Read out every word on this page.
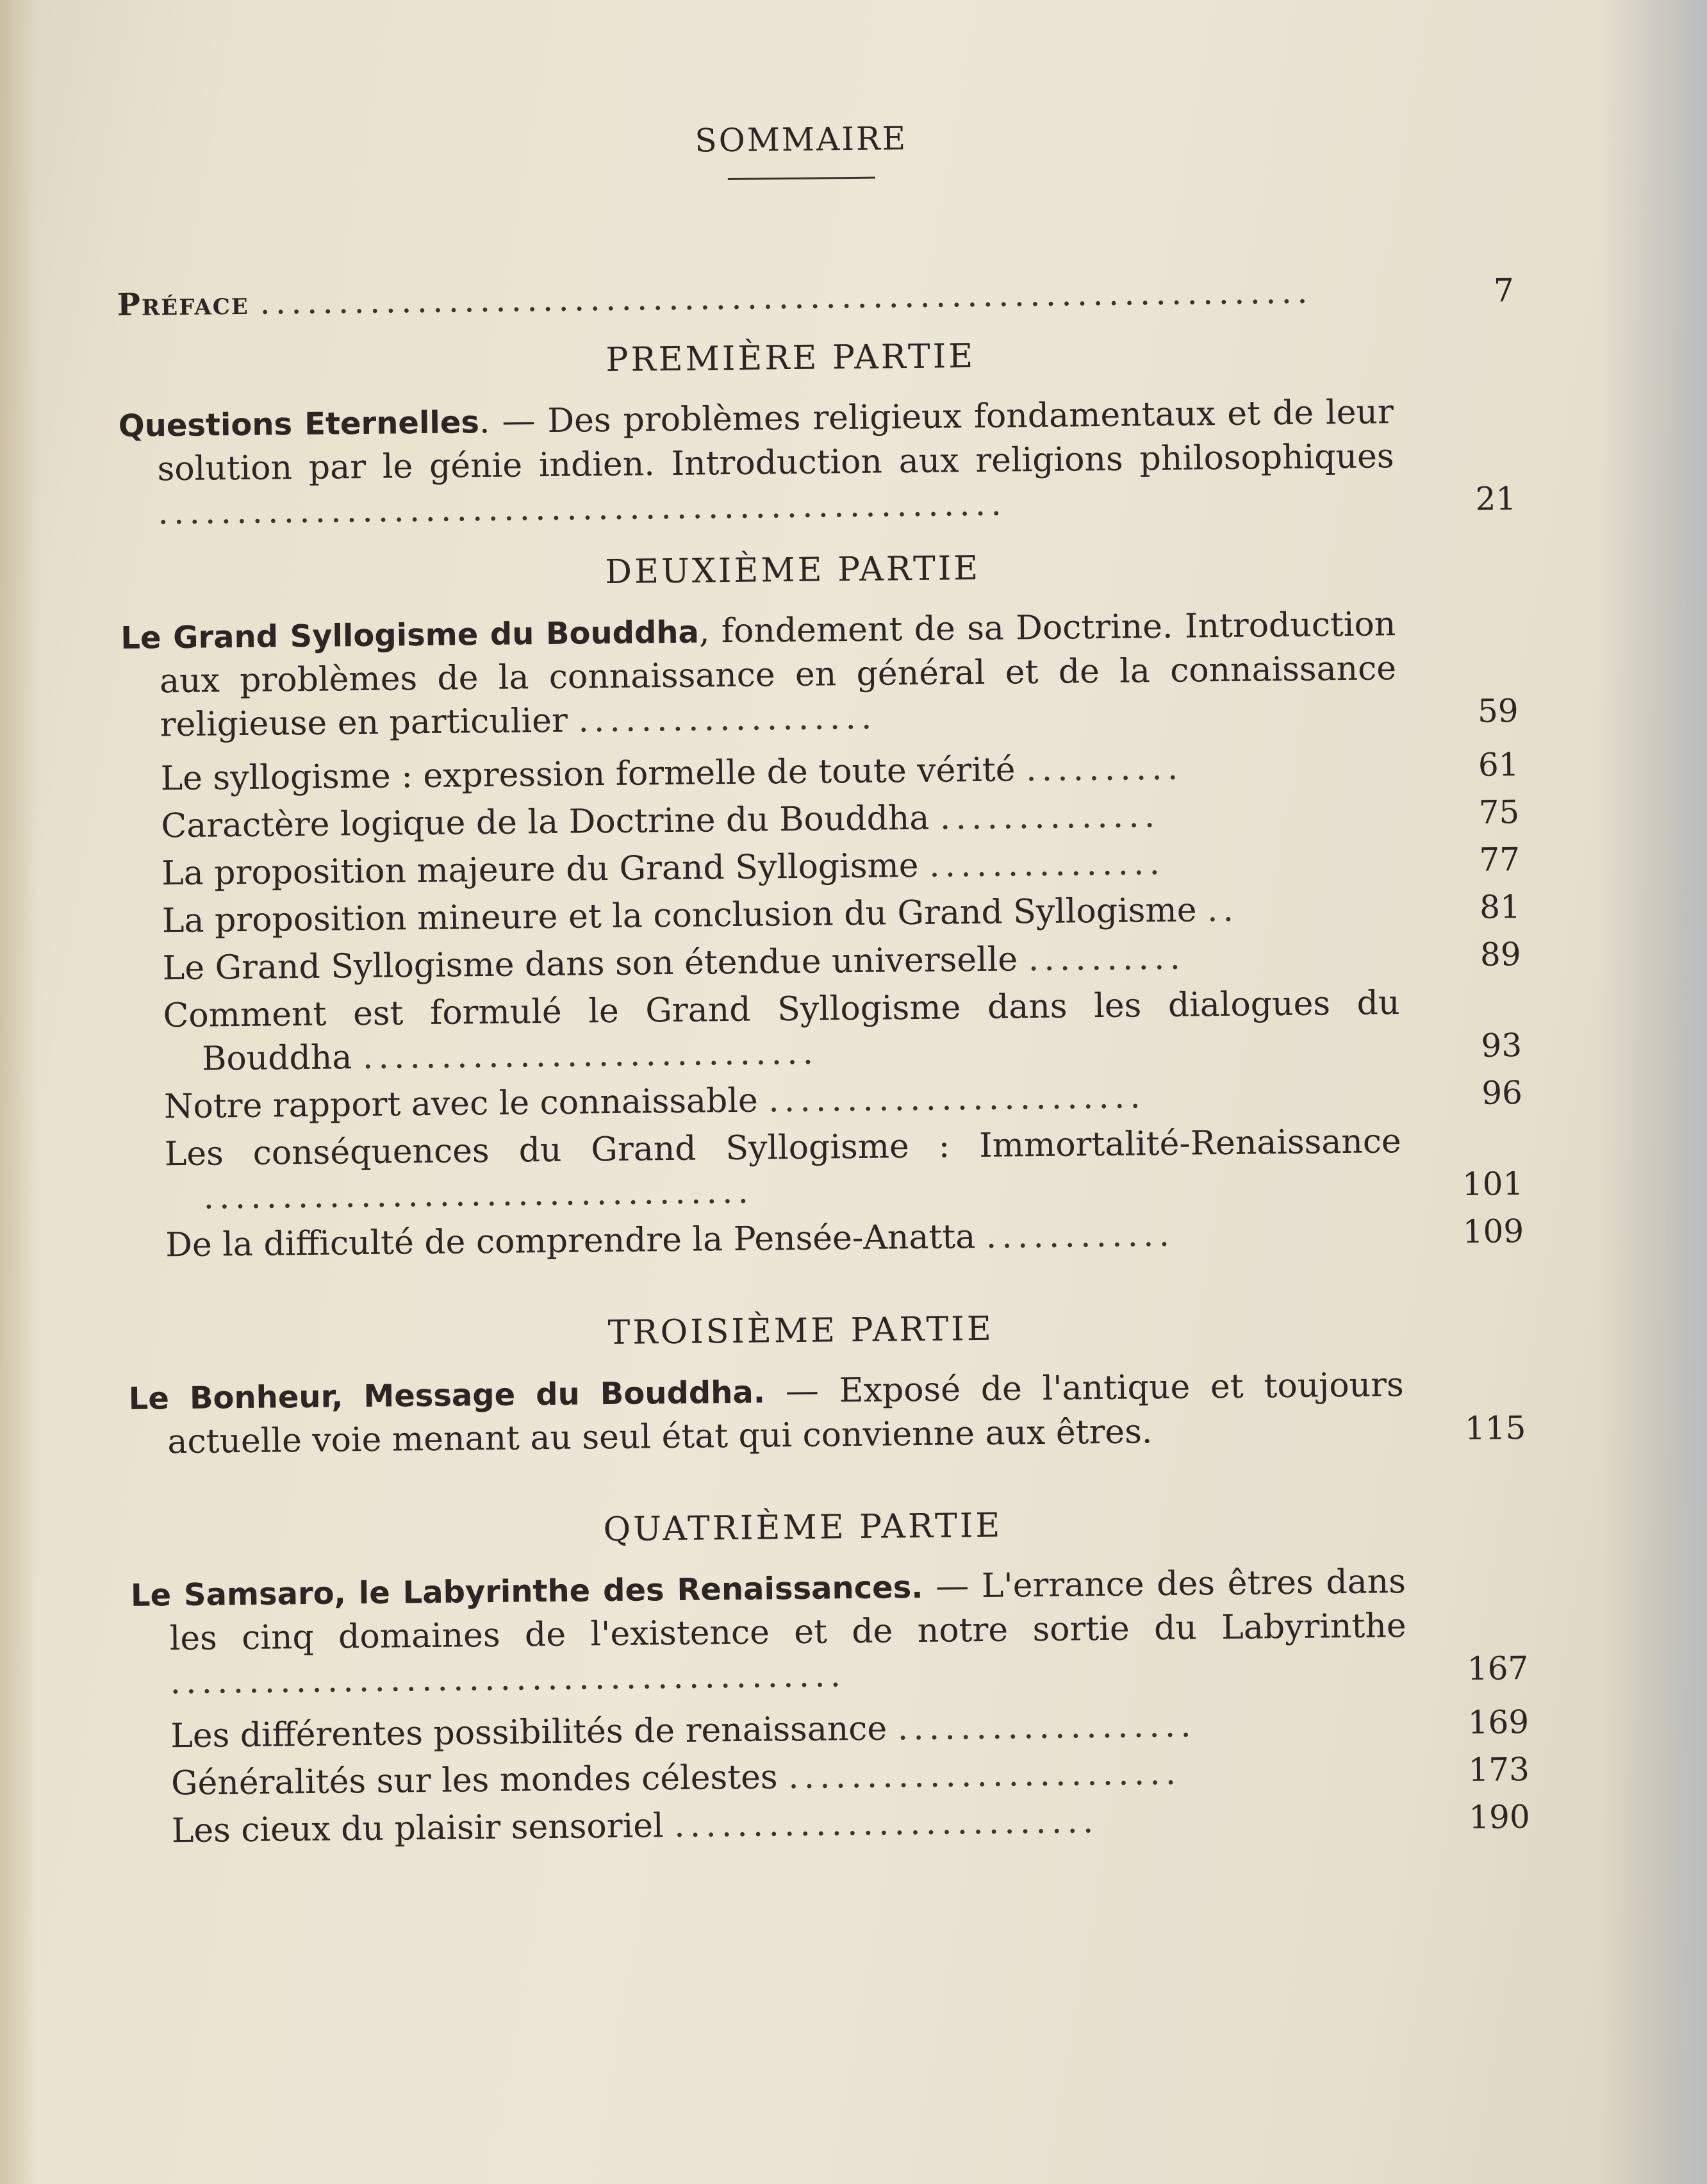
SOMMAIRE
Préface ...................................................................	7
PREMIÈRE PARTIE
Questions Eternelles. — Des problèmes religieux fondamentaux et de leur solution par le génie indien. Introduction aux religions philosophiques ......................................................	21
DEUXIÈME PARTIE
Le Grand Syllogisme du Bouddha, fondement de sa Doctrine. Introduction aux problèmes de la connaissance en général et de la connaissance religieuse en particulier ...................	59
Le syllogisme : expression formelle de toute vérité ..........	61
Caractère logique de la Doctrine du Bouddha ..............	75
La proposition majeure du Grand Syllogisme ...............	77
La proposition mineure et la conclusion du Grand Syllogisme ..	81
Le Grand Syllogisme dans son étendue universelle ..........	89
Comment est formulé le Grand Syllogisme dans les dialogues du Bouddha .............................	93
Notre rapport avec le connaissable ........................	96
Les conséquences du Grand Syllogisme : Immortalité-Renaissance ...................................	101
De la difficulté de comprendre la Pensée-Anatta ............	109
TROISIÈME PARTIE
Le Bonheur, Message du Bouddha. — Exposé de l'antique et toujours actuelle voie menant au seul état qui convienne aux êtres.	115
QUATRIÈME PARTIE
Le Samsaro, le Labyrinthe des Renaissances. — L'errance des êtres dans les cinq domaines de l'existence et de notre sortie du Labyrinthe ...........................................	167
Les différentes possibilités de renaissance ...................	169
Généralités sur les mondes célestes .........................	173
Les cieux du plaisir sensoriel ...........................	190
